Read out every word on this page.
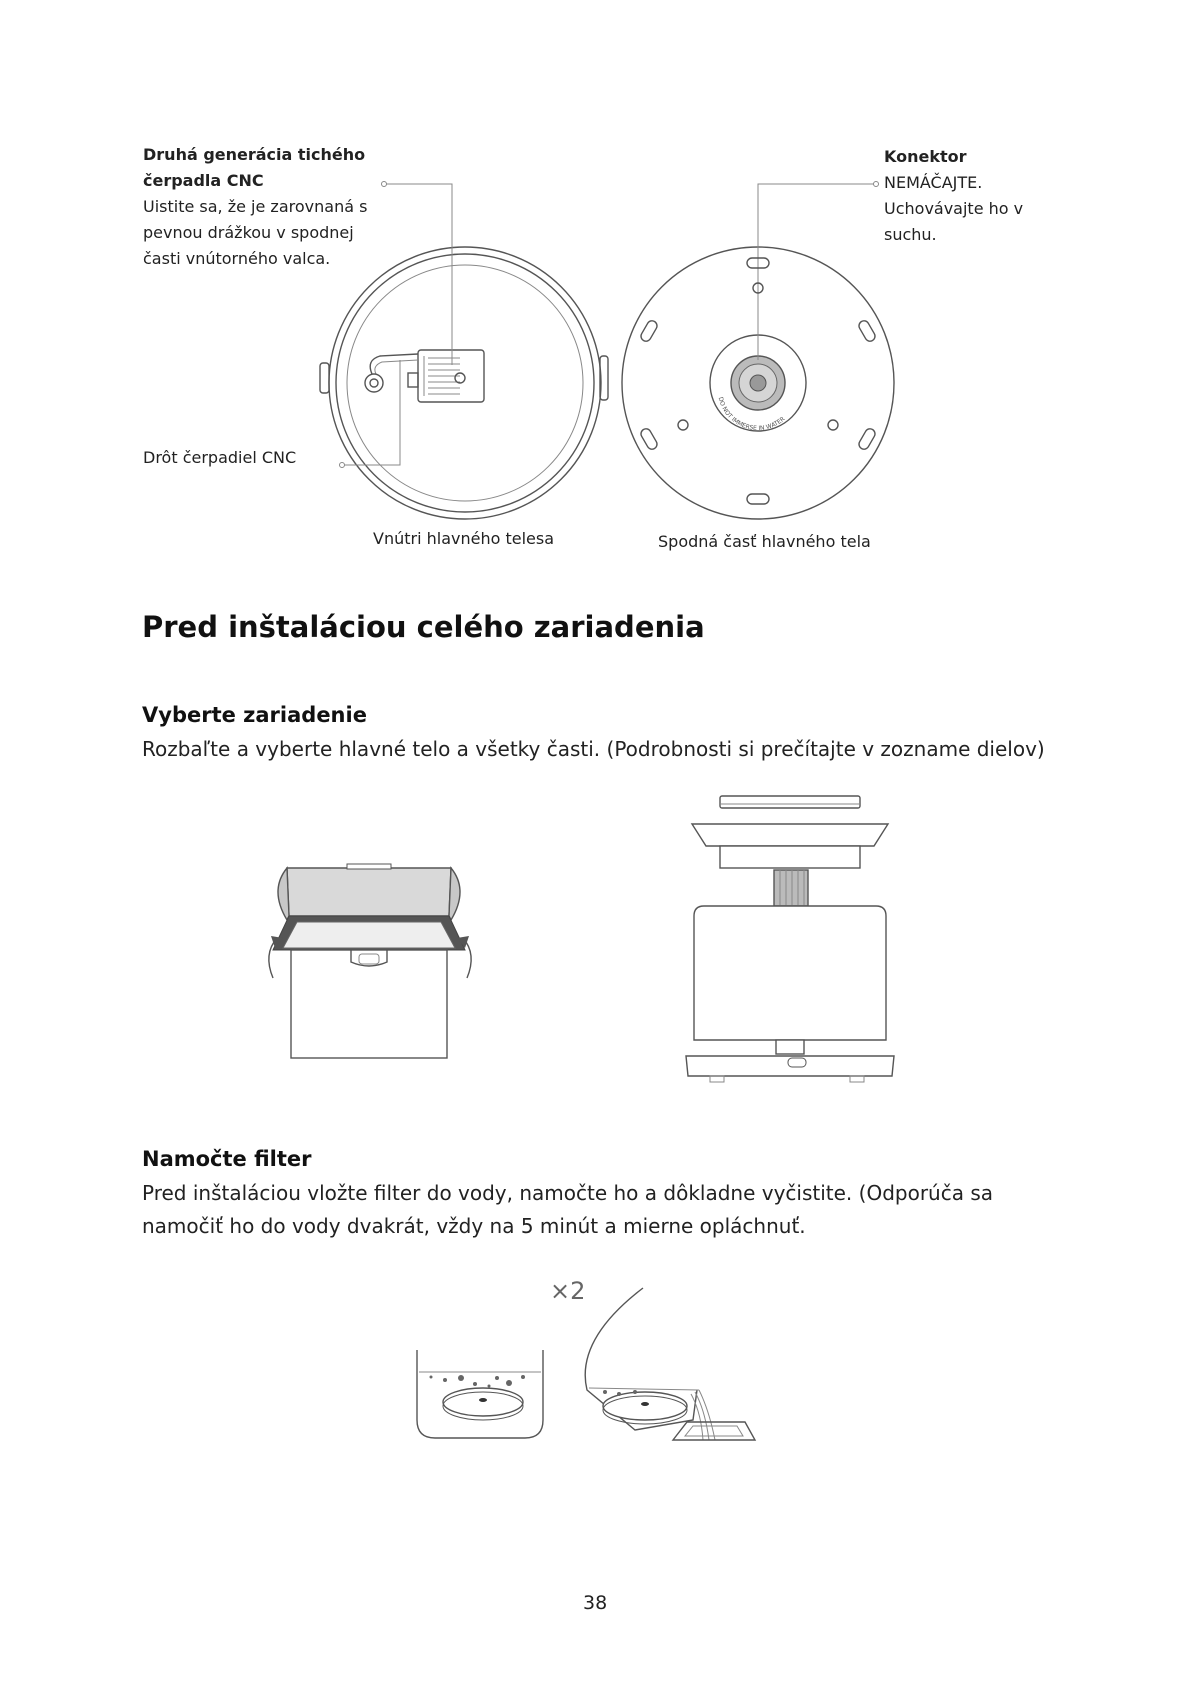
Druhá generácia tichého čerpadla CNC
Uistite sa, že je zarovnaná s pevnou drážkou v spodnej časti vnútorného valca.
Konektor
NEMÁČAJTE. Uchovávajte ho v suchu.
Drôt čerpadiel CNC
Vnútri hlavného telesa	Spodná časť hlavného tela
DO NOT IMMERSE IN WATER
Pred inštaláciou celého zariadenia
Vyberte zariadenie
Rozbaľte a vyberte hlavné telo a všetky časti. (Podrobnosti si prečítajte v zozname dielov)
Namočte filter
Pred inštaláciou vložte filter do vody, namočte ho a dôkladne vyčistite. (Odporúča sa namočiť ho do vody dvakrát, vždy na 5 minút a mierne opláchnuť.
×2
38
